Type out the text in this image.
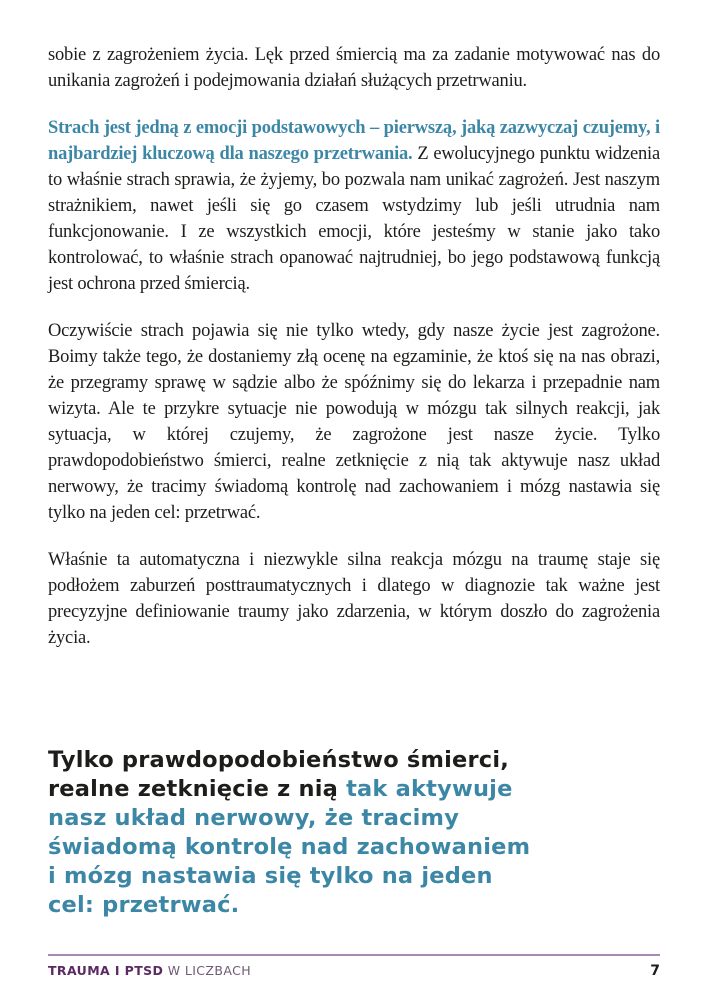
sobie z zagrożeniem życia. Lęk przed śmiercią ma za zadanie motywować nas do unikania zagrożeń i podejmowania działań służących przetrwaniu.

Strach jest jedną z emocji podstawowych – pierwszą, jaką zazwyczaj czujemy, i najbardziej kluczową dla naszego przetrwania. Z ewolucyjnego punktu widzenia to właśnie strach sprawia, że żyjemy, bo pozwala nam unikać zagrożeń. Jest naszym strażnikiem, nawet jeśli się go czasem wstydzimy lub jeśli utrudnia nam funkcjonowanie. I ze wszystkich emocji, które jesteśmy w stanie jako tako kontrolować, to właśnie strach opanować najtrudniej, bo jego podstawową funkcją jest ochrona przed śmiercią.

Oczywiście strach pojawia się nie tylko wtedy, gdy nasze życie jest zagrożone. Boimy także tego, że dostaniemy złą ocenę na egzaminie, że ktoś się na nas obrazi, że przegramy sprawę w sądzie albo że spóźnimy się do lekarza i przepadnie nam wizyta. Ale te przykre sytuacje nie powodują w mózgu tak silnych reakcji, jak sytuacja, w której czujemy, że zagrożone jest nasze życie. Tylko prawdopodobieństwo śmierci, realne zetknięcie z nią tak aktywuje nasz układ nerwowy, że tracimy świadomą kontrolę nad zachowaniem i mózg nastawia się tylko na jeden cel: przetrwać.

Właśnie ta automatyczna i niezwykle silna reakcja mózgu na traumę staje się podłożem zaburzeń posttraumatycznych i dlatego w diagnozie tak ważne jest precyzyjne definiowanie traumy jako zdarzenia, w którym doszło do zagrożenia życia.

Tylko prawdopodobieństwo śmierci,
realne zetknięcie z nią tak aktywuje
nasz układ nerwowy, że tracimy
świadomą kontrolę nad zachowaniem
i mózg nastawia się tylko na jeden
cel: przetrwać.
TRAUMA I PTSD W LICZBACH	7
